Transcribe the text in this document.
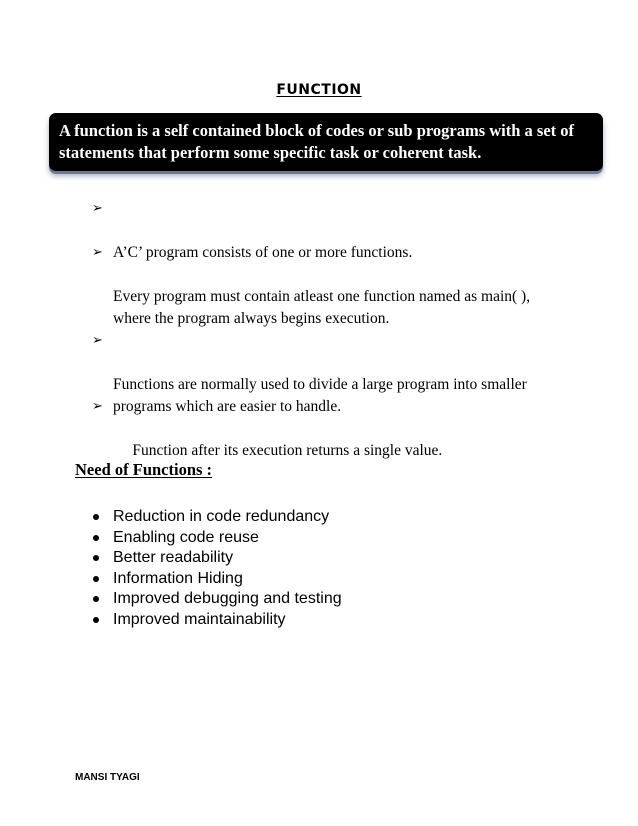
FUNCTION
A function is a self contained block of codes or sub programs with a set of
statements that perform some specific task or coherent task.

➢

A’C’ program consists of one or more functions.

➢

Every program must contain atleast one function named as main( ),
where the program always begins execution.

➢

Functions are normally used to divide a large program into smaller
programs which are easier to handle.

➢

Function after its execution returns a single value.

Need of Functions :
Reduction in code redundancy
Enabling code reuse
Better readability
Information Hiding
Improved debugging and testing
Improved maintainability
MANSI TYAGI
